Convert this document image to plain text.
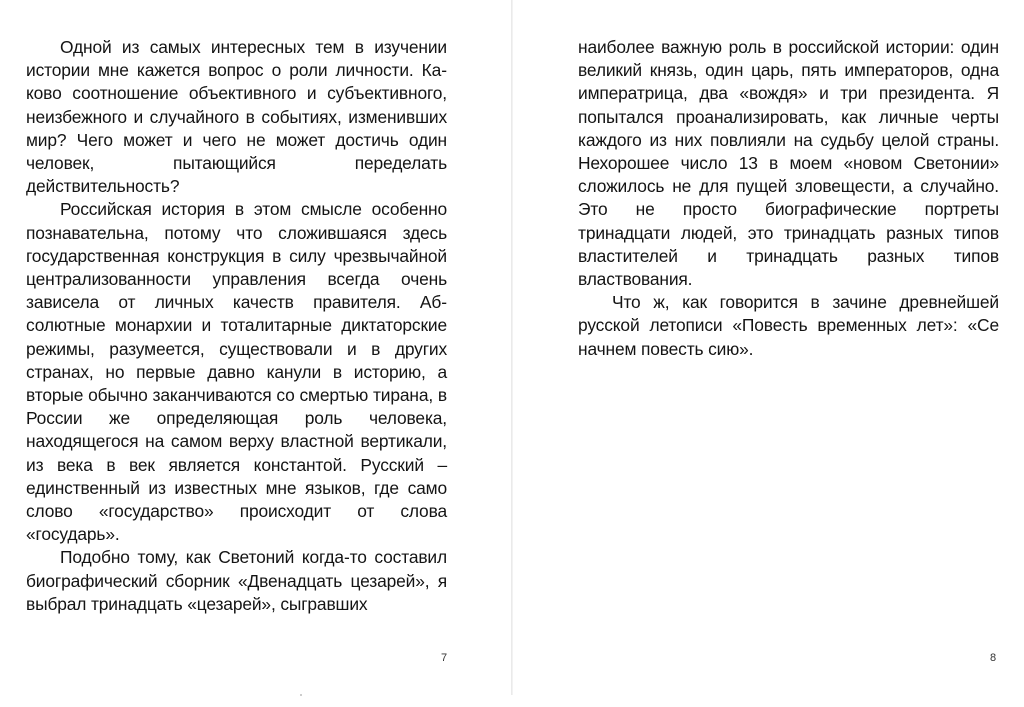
Одной из самых интересных тем в изучении истории мне кажется вопрос о роли личности. Каково соотношение объективного и субъективного, неизбежного и случайного в событиях, изменивших мир? Чего может и чего не может достичь один человек, пытающийся переделать действительность?

Российская история в этом смысле особенно познавательна, потому что сложившаяся здесь государственная конструкция в силу чрезвычайной централизованности управления всегда очень зависела от личных качеств правителя. Абсолютные монархии и тоталитарные диктаторские режимы, разумеется, существовали и в других странах, но первые давно канули в историю, а вторые обычно заканчиваются со смертью тирана, в России же определяющая роль человека, находящегося на самом верху властной вертикали, из века в век является константой. Русский – единственный из известных мне языков, где само слово «государство» происходит от слова «государь».

Подобно тому, как Светоний когда-то составил биографический сборник «Двенадцать цезарей», я выбрал тринадцать «цезарей», сыгравших

7

наиболее важную роль в российской истории: один великий князь, один царь, пять императоров, одна императрица, два «вождя» и три президента. Я попытался проанализировать, как личные черты каждого из них повлияли на судьбу целой страны. Нехорошее число 13 в моем «новом Светонии» сложилось не для пущей зловещести, а случайно. Это не просто биографические портреты тринадцати людей, это тринадцать разных типов властителей и тринадцать разных типов властвования.

Что ж, как говорится в зачине древнейшей русской летописи «Повесть временных лет»: «Се начнем повесть сию».

8
